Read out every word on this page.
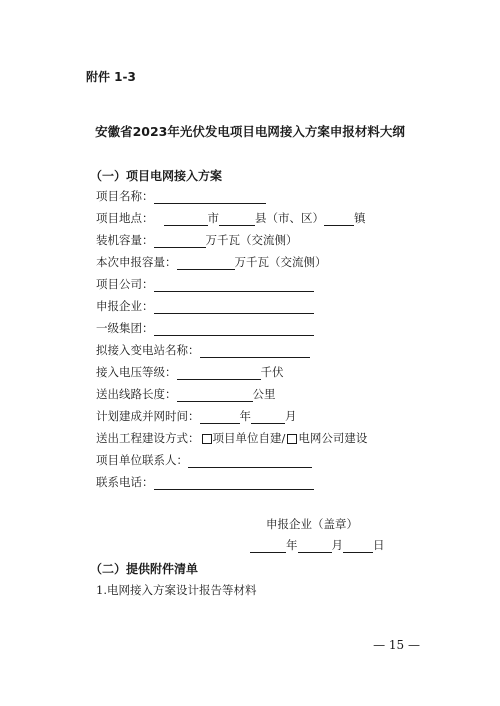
附件 1-3
安徽省2023年光伏发电项目电网接入方案申报材料大纲
（一）项目电网接入方案
项目名称：
项目地点：	市	县（市、区）	镇
装机容量：	万千瓦（交流侧）
本次申报容量：	万千瓦（交流侧）
项目公司：
申报企业：
一级集团：
拟接入变电站名称：
接入电压等级：	千伏
送出线路长度：	公里
计划建成并网时间：	年	月
送出工程建设方式： 项目单位自建/ 电网公司建设
项目单位联系人：
联系电话：
申报企业（盖章）
年	月	日
（二）提供附件清单
1.电网接入方案设计报告等材料
— 15 —
